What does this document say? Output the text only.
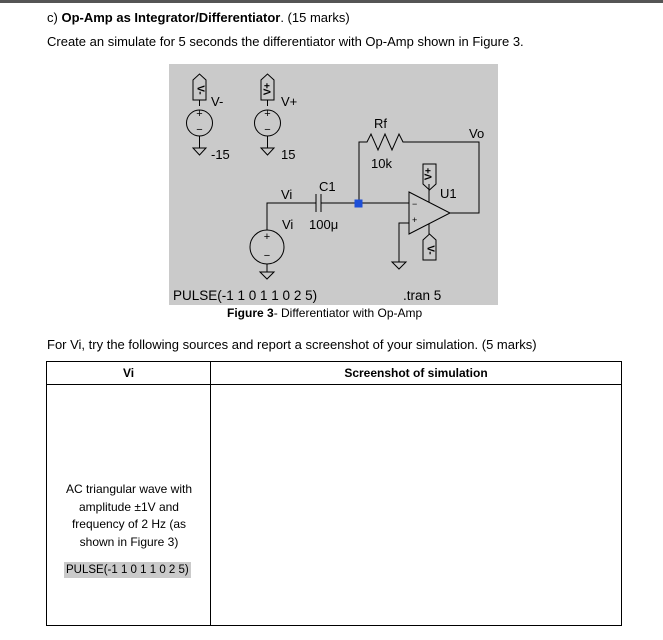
c) Op-Amp as Integrator/Differentiator. (15 marks)
Create an simulate for 5 seconds the differentiator with Op-Amp shown in Figure 3.
V-
+
−
V-
-15
V+
+
−
V+
15
Rf
10k
Vo
C1
Vi
Vi 100μ
+
−
−
+
U1
V+
V-
PULSE(-1 1 0 1 1 0 2 5)	.tran 5
Figure 3- Differentiator with Op-Amp
For Vi, try the following sources and report a screenshot of your simulation. (5 marks)
Vi	Screenshot of simulation

AC triangular wave with amplitude ±1V and frequency of 2 Hz (as shown in Figure 3)
PULSE(-1 1 0 1 1 0 2 5)	
